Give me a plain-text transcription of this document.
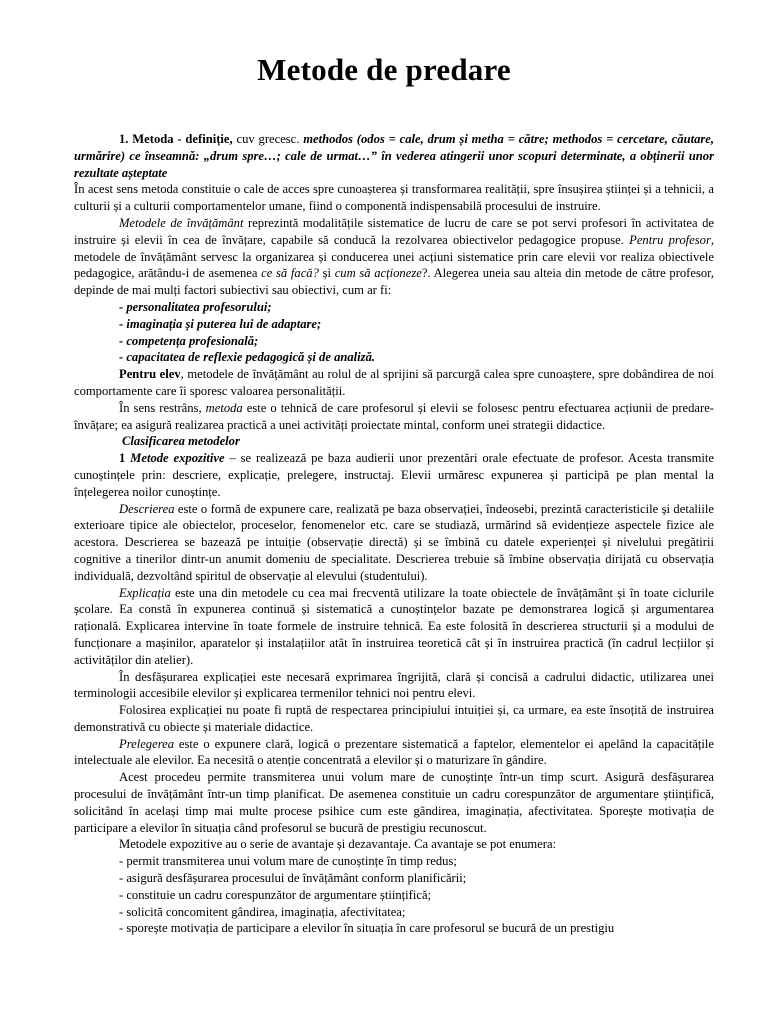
Metode de predare

1. Metoda - definiție, cuv grecesc. methodos (odos = cale, drum și metha = către; methodos = cercetare, căutare, urmărire) ce înseamnă: „drum spre…; cale de urmat…” în vederea atingerii unor scopuri determinate, a obținerii unor rezultate așteptate

În acest sens metoda constituie o cale de acces spre cunoașterea și transformarea realității, spre însușirea științei și a tehnicii, a culturii și a culturii comportamentelor umane, fiind o componentă indispensabilă procesului de instruire.

Metodele de învățământ reprezintă modalitățile sistematice de lucru de care se pot servi profesori în activitatea de instruire și elevii în cea de învățare, capabile să conducă la rezolvarea obiectivelor pedagogice propuse. Pentru profesor, metodele de învățământ servesc la organizarea și conducerea unei acțiuni sistematice prin care elevii vor realiza obiectivele pedagogice, arătându-i de asemenea ce să facă? și cum să acționeze?. Alegerea uneia sau alteia din metode de către profesor, depinde de mai mulți factori subiectivi sau obiectivi, cum ar fi:

- personalitatea profesorului;

- imaginația și puterea lui de adaptare;

- competența profesională;

- capacitatea de reflexie pedagogică și de analiză.

Pentru elev, metodele de învățământ au rolul de al sprijini să parcurgă calea spre cunoaștere, spre dobândirea de noi comportamente care îi sporesc valoarea personalității.

În sens restrâns, metoda este o tehnică de care profesorul și elevii se folosesc pentru efectuarea acțiunii de predare-învățare; ea asigură realizarea practică a unei activități proiectate mintal, conform unei strategii didactice.

Clasificarea metodelor

1 Metode expozitive – se realizează pe baza audierii unor prezentări orale efectuate de profesor. Acesta transmite cunoștințele prin: descriere, explicație, prelegere, instructaj. Elevii urmăresc expunerea și participă pe plan mental la înțelegerea noilor cunoștințe.

Descrierea este o formă de expunere care, realizată pe baza observației, îndeosebi, prezintă caracteristicile și detaliile exterioare tipice ale obiectelor, proceselor, fenomenelor etc. care se studiază, urmărind să evidențieze aspectele fizice ale acestora. Descrierea se bazează pe intuiție (observație directă) și se îmbină cu datele experienței și nivelului pregătirii cognitive a tinerilor dintr-un anumit domeniu de specialitate. Descrierea trebuie să îmbine observația dirijată cu observația individuală, dezvoltând spiritul de observație al elevului (studentului).

Explicația este una din metodele cu cea mai frecventă utilizare la toate obiectele de învățământ și în toate ciclurile școlare. Ea constă în expunerea continuă și sistematică a cunoștințelor bazate pe demonstrarea logică și argumentarea rațională. Explicarea intervine în toate formele de instruire tehnică. Ea este folosită în descrierea structurii și a modului de funcționare a mașinilor, aparatelor și instalațiilor atât în instruirea teoretică cât și în instruirea practică (în cadrul lecțiilor și activităților din atelier).

În desfășurarea explicației este necesară exprimarea îngrijită, clară și concisă a cadrului didactic, utilizarea unei terminologii accesibile elevilor și explicarea termenilor tehnici noi pentru elevi.

Folosirea explicației nu poate fi ruptă de respectarea principiului intuiției și, ca urmare, ea este însoțită de instruirea demonstrativă cu obiecte și materiale didactice.

Prelegerea este o expunere clară, logică o prezentare sistematică a faptelor, elementelor ei apelând la capacitățile intelectuale ale elevilor. Ea necesită o atenție concentrată a elevilor și o maturizare în gândire.

Acest procedeu permite transmiterea unui volum mare de cunoștințe într-un timp scurt. Asigură desfășurarea procesului de învățământ într-un timp planificat. De asemenea constituie un cadru corespunzător de argumentare științifică, solicitând în același timp mai multe procese psihice cum este gândirea, imaginația, afectivitatea. Sporește motivația de participare a elevilor în situația când profesorul se bucură de prestigiu recunoscut.

Metodele expozitive au o serie de avantaje și dezavantaje. Ca avantaje se pot enumera:

- permit transmiterea unui volum mare de cunoștințe în timp redus;

- asigură desfășurarea procesului de învățământ conform planificării;

- constituie un cadru corespunzător de argumentare științifică;

- solicită concomitent gândirea, imaginația, afectivitatea;

- sporește motivația de participare a elevilor în situația în care profesorul se bucură de un prestigiu
